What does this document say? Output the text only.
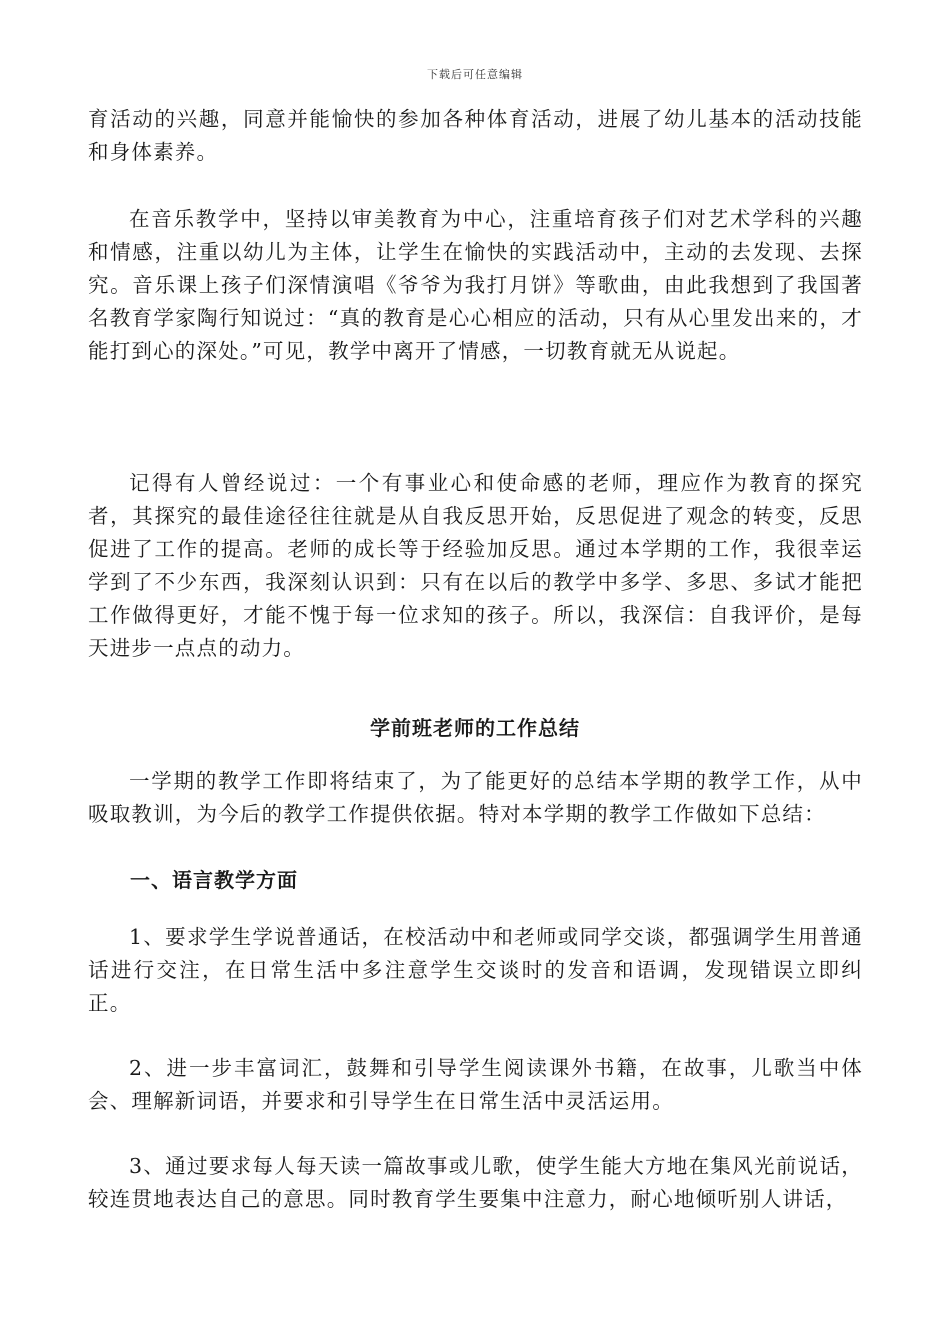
下载后可任意编辑

育活动的兴趣，同意并能愉快的参加各种体育活动，进展了幼儿基本的活动技能和身体素养。

在音乐教学中，坚持以审美教育为中心，注重培育孩子们对艺术学科的兴趣和情感，注重以幼儿为主体，让学生在愉快的实践活动中，主动的去发现、去探究。音乐课上孩子们深情演唱《爷爷为我打月饼》等歌曲，由此我想到了我国著名教育学家陶行知说过：“真的教育是心心相应的活动，只有从心里发出来的，才能打到心的深处。”可见，教学中离开了情感，一切教育就无从说起。

记得有人曾经说过：一个有事业心和使命感的老师，理应作为教育的探究者，其探究的最佳途径往往就是从自我反思开始，反思促进了观念的转变，反思促进了工作的提高。老师的成长等于经验加反思。通过本学期的工作，我很幸运学到了不少东西，我深刻认识到：只有在以后的教学中多学、多思、多试才能把工作做得更好，才能不愧于每一位求知的孩子。所以，我深信：自我评价，是每天进步一点点的动力。

学前班老师的工作总结

一学期的教学工作即将结束了，为了能更好的总结本学期的教学工作，从中吸取教训，为今后的教学工作提供依据。特对本学期的教学工作做如下总结：

一、语言教学方面

1、要求学生学说普通话，在校活动中和老师或同学交谈，都强调学生用普通话进行交注，在日常生活中多注意学生交谈时的发音和语调，发现错误立即纠正。

2、进一步丰富词汇，鼓舞和引导学生阅读课外书籍，在故事，儿歌当中体会、理解新词语，并要求和引导学生在日常生活中灵活运用。

3、通过要求每人每天读一篇故事或儿歌，使学生能大方地在集风光前说话，较连贯地表达自己的意思。同时教育学生要集中注意力，耐心地倾听别人讲话，
